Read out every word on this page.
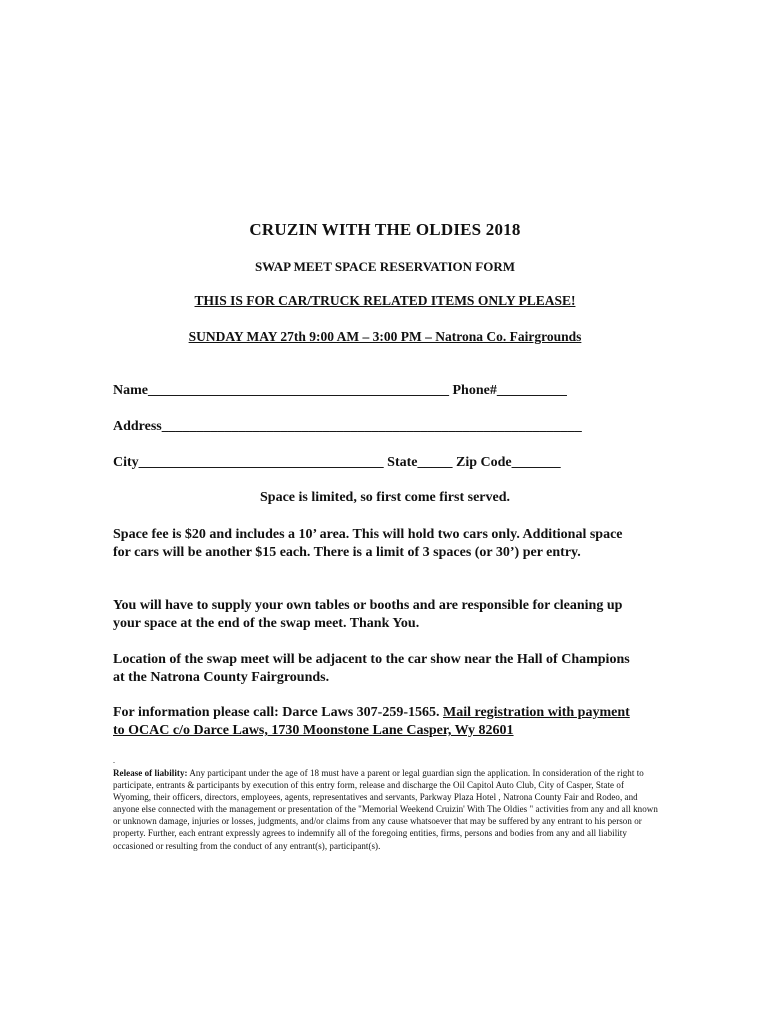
CRUZIN WITH THE OLDIES 2018
SWAP MEET SPACE RESERVATION FORM
THIS IS FOR CAR/TRUCK RELATED ITEMS ONLY PLEASE!
SUNDAY MAY 27th 9:00 AM – 3:00 PM – Natrona Co. Fairgrounds
Name___________________________________________ Phone#__________
Address____________________________________________________________
City___________________________________ State_____ Zip Code_______
Space is limited, so first come first served.
Space fee is $20 and includes a 10’ area. This will hold two cars only. Additional space for cars will be another $15 each. There is a limit of 3 spaces (or 30’) per entry.
You will have to supply your own tables or booths and are responsible for cleaning up your space at the end of the swap meet. Thank You.
Location of the swap meet will be adjacent to the car show near the Hall of Champions at the Natrona County Fairgrounds.
For information please call: Darce Laws 307-259-1565. Mail registration with payment to OCAC c/o Darce Laws, 1730 Moonstone Lane Casper, Wy 82601
.
Release of liability: Any participant under the age of 18 must have a parent or legal guardian sign the application. In consideration of the right to participate, entrants & participants by execution of this entry form, release and discharge the Oil Capitol Auto Club, City of Casper, State of Wyoming, their officers, directors, employees, agents, representatives and servants, Parkway Plaza Hotel , Natrona County Fair and Rodeo, and anyone else connected with the management or presentation of the "Memorial Weekend Cruizin' With The Oldies " activities from any and all known or unknown damage, injuries or losses, judgments, and/or claims from any cause whatsoever that may be suffered by any entrant to his person or property. Further, each entrant expressly agrees to indemnify all of the foregoing entities, firms, persons and bodies from any and all liability occasioned or resulting from the conduct of any entrant(s), participant(s).
